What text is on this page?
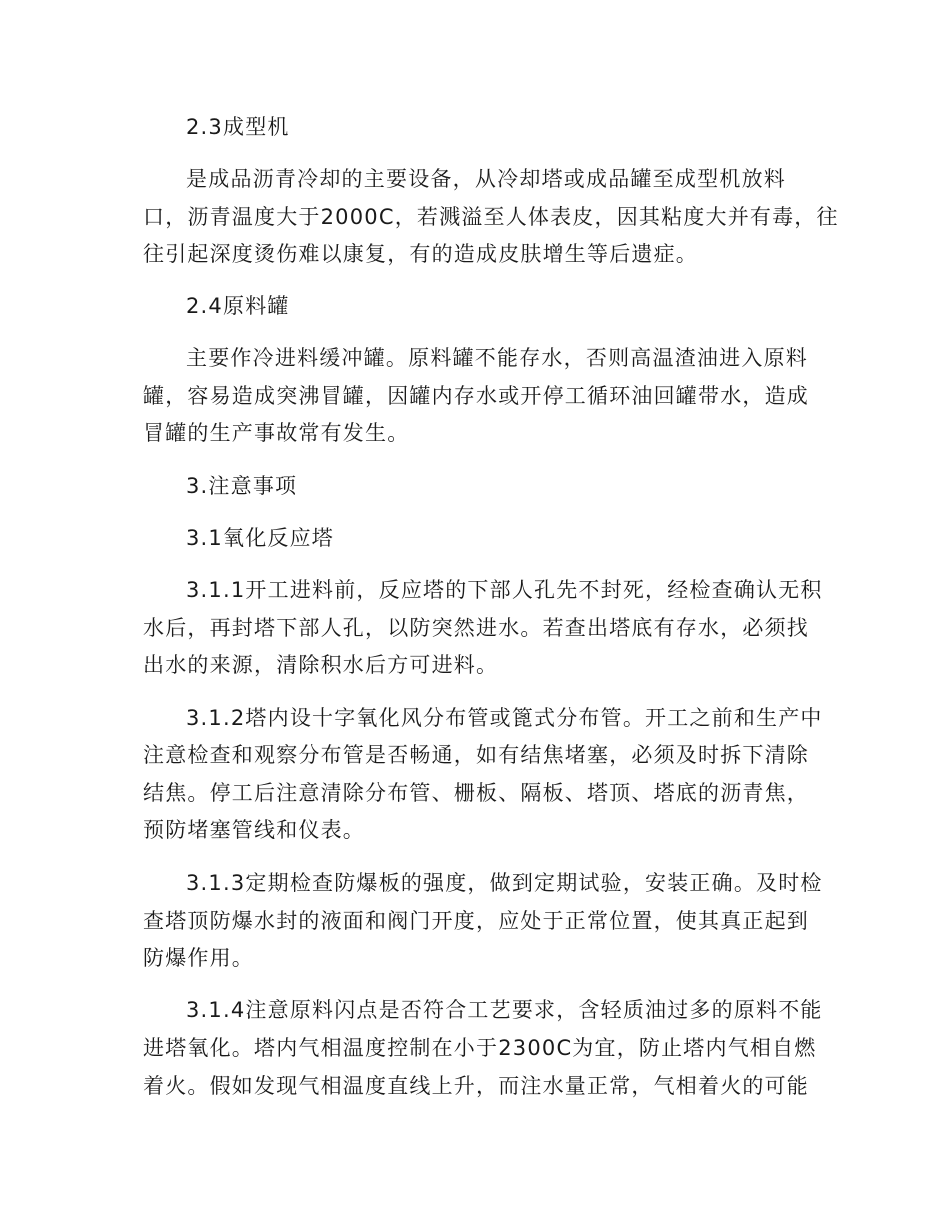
2.3成型机
是成品沥青冷却的主要设备，从冷却塔或成品罐至成型机放料
口，沥青温度大于2000C，若溅溢至人体表皮，因其粘度大并有毒，往
往引起深度烫伤难以康复，有的造成皮肤增生等后遗症。
2.4原料罐
主要作冷进料缓冲罐。原料罐不能存水，否则高温渣油进入原料
罐，容易造成突沸冒罐，因罐内存水或开停工循环油回罐带水，造成
冒罐的生产事故常有发生。
3.注意事项
3.1氧化反应塔
3.1.1开工进料前，反应塔的下部人孔先不封死，经检查确认无积
水后，再封塔下部人孔，以防突然进水。若查出塔底有存水，必须找
出水的来源，清除积水后方可进料。
3.1.2塔内设十字氧化风分布管或篦式分布管。开工之前和生产中
注意检查和观察分布管是否畅通，如有结焦堵塞，必须及时拆下清除
结焦。停工后注意清除分布管、栅板、隔板、塔顶、塔底的沥青焦，
预防堵塞管线和仪表。
3.1.3定期检查防爆板的强度，做到定期试验，安装正确。及时检
查塔顶防爆水封的液面和阀门开度，应处于正常位置，使其真正起到
防爆作用。
3.1.4注意原料闪点是否符合工艺要求，含轻质油过多的原料不能
进塔氧化。塔内气相温度控制在小于2300C为宜，防止塔内气相自燃
着火。假如发现气相温度直线上升，而注水量正常，气相着火的可能
